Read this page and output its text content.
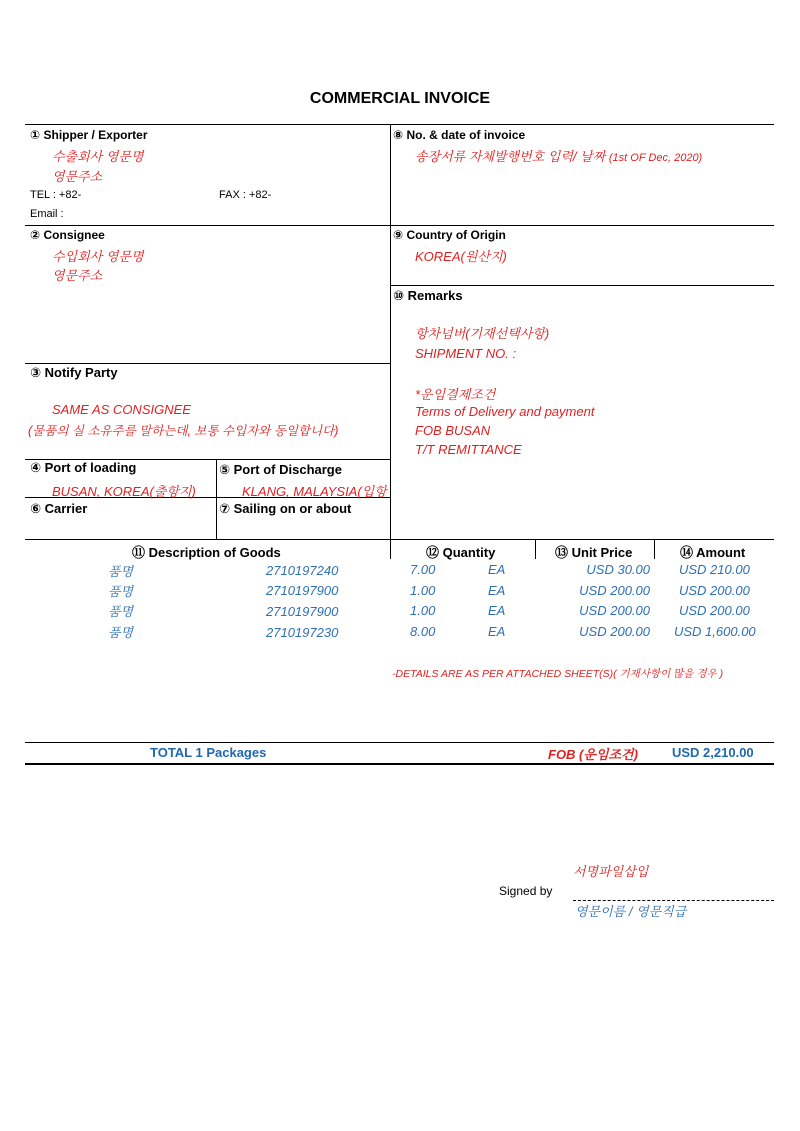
COMMERCIAL INVOICE
① Shipper / Exporter
수출회사 영문명
영문주소
TEL : +82-	FAX : +82-
Email :
⑧ No. & date of invoice
송장서류 자체발행번호 입력/ 날짜 (1st OF Dec, 2020)
② Consignee
수입회사 영문명
영문주소
⑨ Country of Origin
KOREA(원산지)
⑩ Remarks
항차넘버(기재선택사항)
SHIPMENT NO. :
*운임결제조건
Terms of Delivery and payment
FOB BUSAN
T/T REMITTANCE
③ Notify Party
SAME AS CONSIGNEE
(물품의 실 소유주를 말하는데, 보통 수입자와 동일합니다)
④ Port of loading
BUSAN, KOREA(출항지)
⑤ Port of Discharge
KLANG, MALAYSIA(입항
⑥ Carrier	⑦ Sailing on or about
⑪ Description of Goods	⑫ Quantity	⑬ Unit Price	⑭ Amount
품명	2710197240	7.00	EA	USD 30.00 USD 210.00
품명	2710197900	1.00	EA	USD 200.00 USD 200.00
품명	2710197900	1.00	EA	USD 200.00 USD 200.00
품명	2710197230	8.00	EA	USD 200.00 USD 1,600.00
-DETAILS ARE AS PER ATTACHED SHEET(S)( 기재사항이 많을 경우 )
TOTAL 1 Packages	FOB (운임조건)	USD 2,210.00
서명파일삽입
Signed by
영문이름 / 영문직급
